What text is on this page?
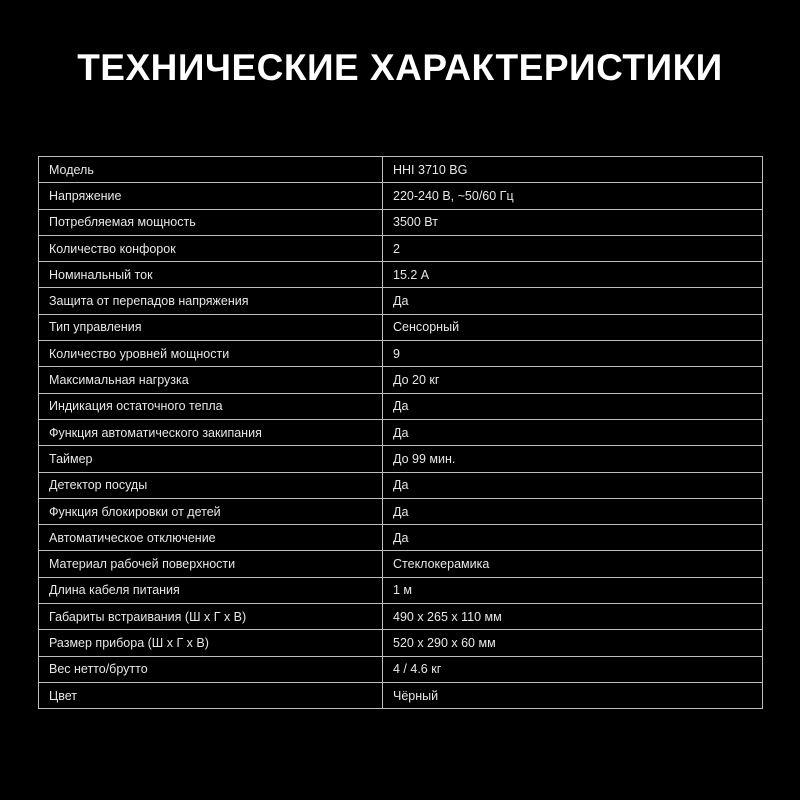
ТЕХНИЧЕСКИЕ ХАРАКТЕРИСТИКИ
Модель	HHI 3710 BG
Напряжение	220-240 В, ~50/60 Гц
Потребляемая мощность	3500 Вт
Количество конфорок	2
Номинальный ток	15.2 А
Защита от перепадов напряжения	Да
Тип управления	Сенсорный
Количество уровней мощности	9
Максимальная нагрузка	До 20 кг
Индикация остаточного тепла	Да
Функция автоматического закипания	Да
Таймер	До 99 мин.
Детектор посуды	Да
Функция блокировки от детей	Да
Автоматическое отключение	Да
Материал рабочей поверхности	Стеклокерамика
Длина кабеля питания	1 м
Габариты встраивания (Ш х Г х В)	490 х 265 х 110 мм
Размер прибора (Ш х Г х В)	520 х 290 х 60 мм
Вес нетто/брутто	4 / 4.6 кг
Цвет	Чёрный
